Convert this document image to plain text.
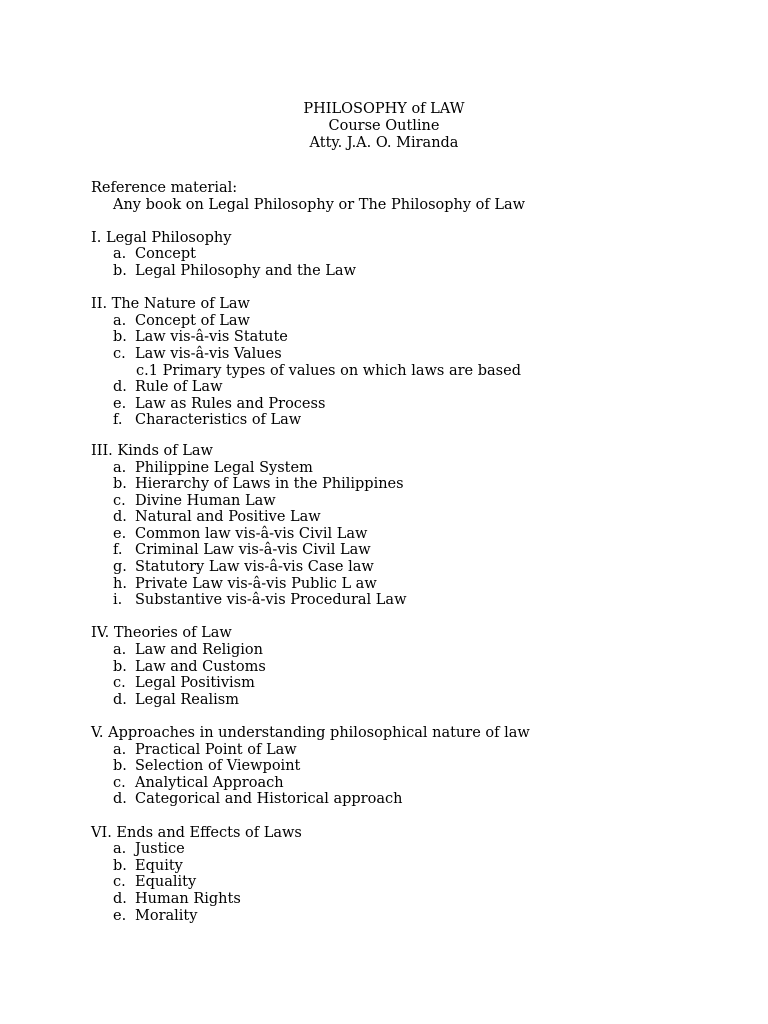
PHILOSOPHY of LAW
Course Outline
Atty. J.A. O. Miranda
Reference material:
Any book on Legal Philosophy or The Philosophy of Law
I. Legal Philosophy
a. Concept
b. Legal Philosophy and the Law
II. The Nature of Law
a. Concept of Law
b. Law vis-â-vis Statute
c. Law vis-â-vis Values
c.1 Primary types of values on which laws are based
d. Rule of Law
e. Law as Rules and Process
f. Characteristics of Law
III. Kinds of Law
a. Philippine Legal System
b. Hierarchy of Laws in the Philippines
c. Divine Human Law
d. Natural and Positive Law
e. Common law vis-â-vis Civil Law
f. Criminal Law vis-â-vis Civil Law
g. Statutory Law vis-â-vis Case law
h. Private Law vis-â-vis Public L aw
i. Substantive vis-â-vis Procedural Law
IV. Theories of Law
a. Law and Religion
b. Law and Customs
c. Legal Positivism
d. Legal Realism
V. Approaches in understanding philosophical nature of law
a. Practical Point of Law
b. Selection of Viewpoint
c. Analytical Approach
d. Categorical and Historical approach
VI. Ends and Effects of Laws
a. Justice
b. Equity
c. Equality
d. Human Rights
e. Morality
